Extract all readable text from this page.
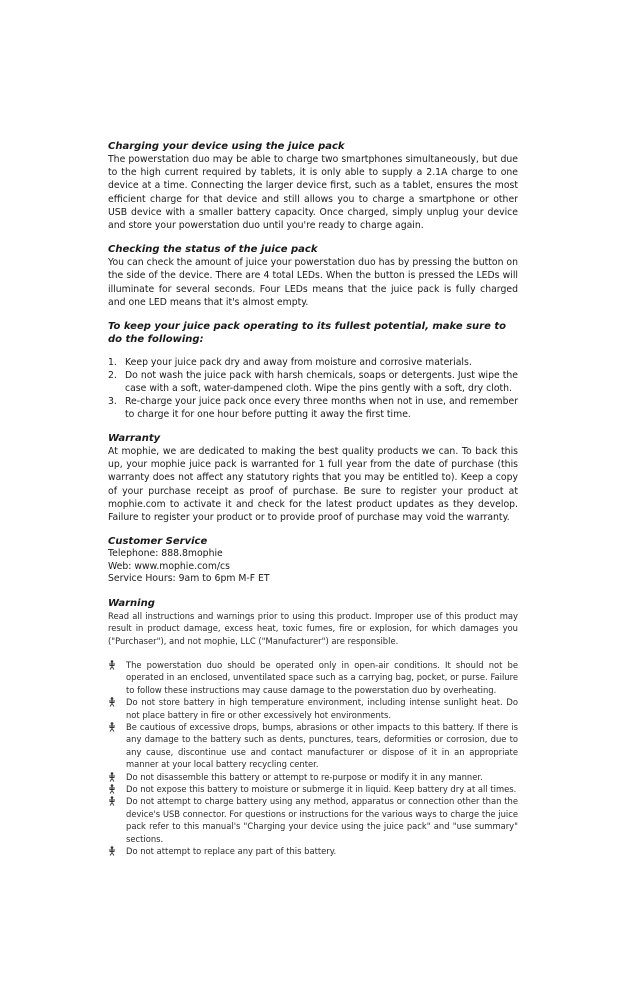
Charging your device using the juice pack

The powerstation duo may be able to charge two smartphones simultaneously, but due to the high current required by tablets, it is only able to supply a 2.1A charge to one device at a time. Connecting the larger device first, such as a tablet, ensures the most efficient charge for that device and still allows you to charge a smartphone or other USB device with a smaller battery capacity. Once charged, simply unplug your device and store your powerstation duo until you're ready to charge again.

Checking the status of the juice pack

You can check the amount of juice your powerstation duo has by pressing the button on the side of the device. There are 4 total LEDs. When the button is pressed the LEDs will illuminate for several seconds. Four LEDs means that the juice pack is fully charged and one LED means that it's almost empty.

To keep your juice pack operating to its fullest potential, make sure to do the following:

1. Keep your juice pack dry and away from moisture and corrosive materials.
2. Do not wash the juice pack with harsh chemicals, soaps or detergents. Just wipe the case with a soft, water-dampened cloth. Wipe the pins gently with a soft, dry cloth.
3. Re-charge your juice pack once every three months when not in use, and remember to charge it for one hour before putting it away the first time.

Warranty

At mophie, we are dedicated to making the best quality products we can. To back this up, your mophie juice pack is warranted for 1 full year from the date of purchase (this warranty does not affect any statutory rights that you may be entitled to). Keep a copy of your purchase receipt as proof of purchase. Be sure to register your product at mophie.com to activate it and check for the latest product updates as they develop. Failure to register your product or to provide proof of purchase may void the warranty.

Customer Service

Telephone: 888.8mophie
Web: www.mophie.com/cs
Service Hours: 9am to 6pm M-F ET

Warning

Read all instructions and warnings prior to using this product. Improper use of this product may result in product damage, excess heat, toxic fumes, fire or explosion, for which damages you ("Purchaser"), and not mophie, LLC ("Manufacturer") are responsible.

The powerstation duo should be operated only in open-air conditions. It should not be operated in an enclosed, unventilated space such as a carrying bag, pocket, or purse. Failure to follow these instructions may cause damage to the powerstation duo by overheating.
Do not store battery in high temperature environment, including intense sunlight heat. Do not place battery in fire or other excessively hot environments.
Be cautious of excessive drops, bumps, abrasions or other impacts to this battery. If there is any damage to the battery such as dents, punctures, tears, deformities or corrosion, due to any cause, discontinue use and contact manufacturer or dispose of it in an appropriate manner at your local battery recycling center.
Do not disassemble this battery or attempt to re-purpose or modify it in any manner.
Do not expose this battery to moisture or submerge it in liquid. Keep battery dry at all times.
Do not attempt to charge battery using any method, apparatus or connection other than the device's USB connector. For questions or instructions for the various ways to charge the juice pack refer to this manual's "Charging your device using the juice pack" and "use summary" sections.
Do not attempt to replace any part of this battery.
